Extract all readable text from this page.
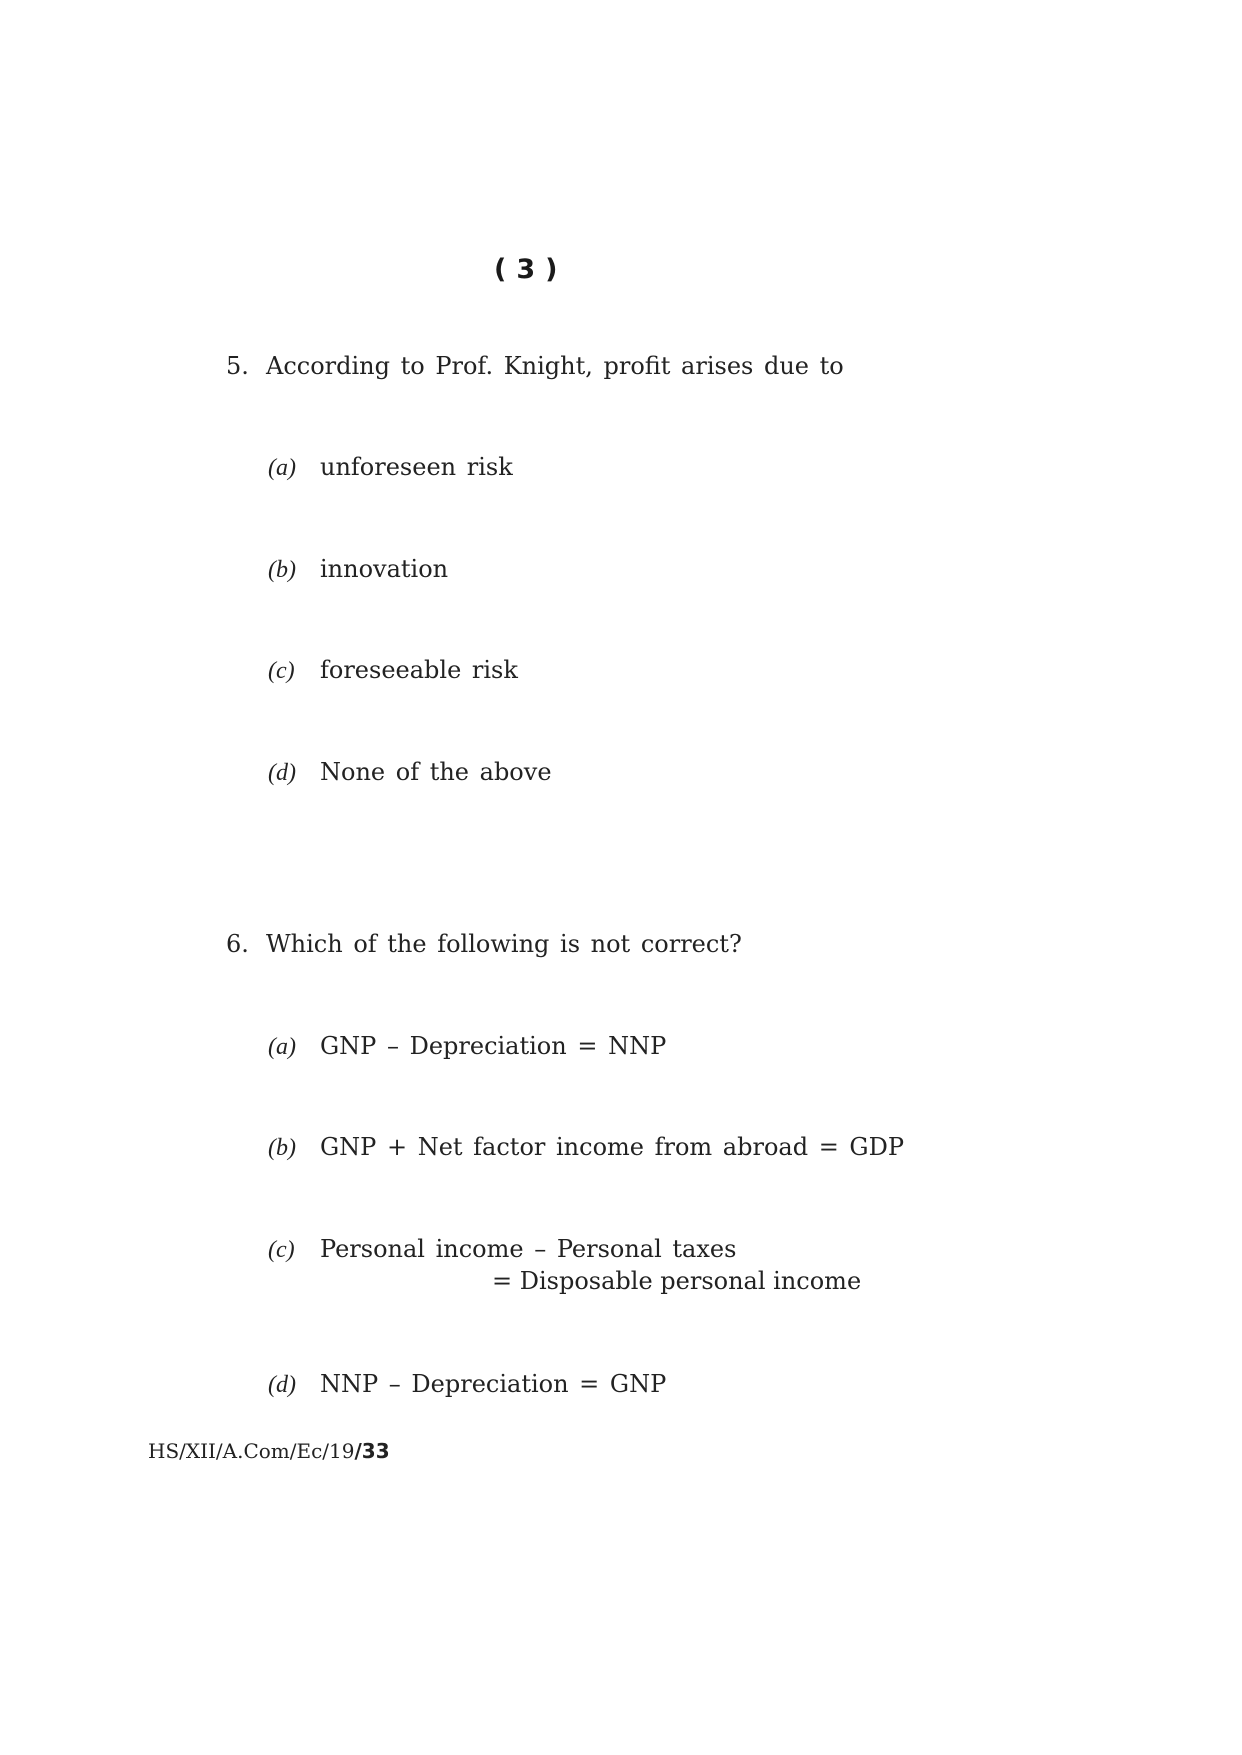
( 3 )
5. According to Prof. Knight, profit arises due to
(a) unforeseen risk
(b) innovation
(c) foreseeable risk
(d) None of the above
6. Which of the following is not correct?
(a) GNP – Depreciation = NNP
(b) GNP + Net factor income from abroad = GDP
(c) Personal income – Personal taxes
= Disposable personal income
(d) NNP – Depreciation = GNP
HS/XII/A.Com/Ec/19/33
